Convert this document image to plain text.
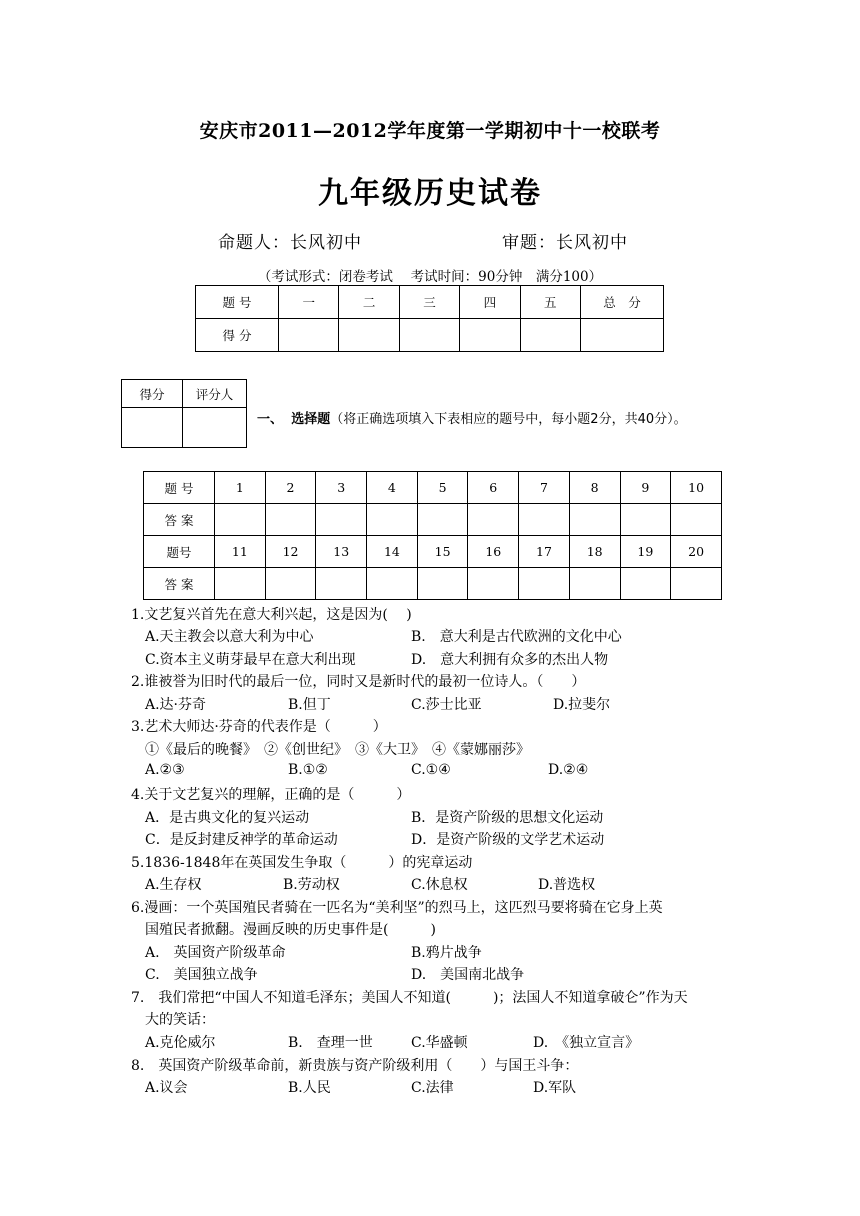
安庆市2011—2012学年度第一学期初中十一校联考
九年级历史试卷
命题人：长风初中	审题：长风初中
（考试形式：闭卷考试　 考试时间：90分钟　满分100）
题 号	一	二	三	四	五	总　分
得 分						
得分	评分人

一、 选择题（将正确选项填入下表相应的题号中，每小题2分，共40分）。
题 号	1	2	3	4	5	6	7	8	9	10
答 案										
题号	11	12	13	14	15	16	17	18	19	20
答 案										
1.文艺复兴首先在意大利兴起，这是因为(　 )
A.天主教会以意大利为中心	B.　意大利是古代欧洲的文化中心
C.资本主义萌芽最早在意大利出现	D.　意大利拥有众多的杰出人物
2.谁被誉为旧时代的最后一位，同时又是新时代的最初一位诗人。（　　）
A.达·芬奇	B.但丁	C.莎士比亚	D.拉斐尔
3.艺术大师达·芬奇的代表作是（　　　）
①《最后的晚餐》　②《创世纪》　③《大卫》　④《蒙娜丽莎》
A.②③	B.①②	C.①④	D.②④
4.关于文艺复兴的理解，正确的是（　　　）
A．是古典文化的复兴运动	B．是资产阶级的思想文化运动
C．是反封建反神学的革命运动	D．是资产阶级的文学艺术运动
5.1836-1848年在英国发生争取（　　　）的宪章运动
A.生存权	B.劳动权	C.休息权	D.普选权
6.漫画：一个英国殖民者骑在一匹名为“美利坚”的烈马上，这匹烈马要将骑在它身上英
国殖民者掀翻。漫画反映的历史事件是(　　　)
A.　英国资产阶级革命	B.鸦片战争
C.　美国独立战争	D.　美国南北战争
7.　我们常把“中国人不知道毛泽东；美国人不知道(　　　)；法国人不知道拿破仑”作为天
大的笑话：
A.克伦威尔	B.　查理一世	C.华盛顿	D.　《独立宣言》
8.　英国资产阶级革命前，新贵族与资产阶级利用（　　）与国王斗争：
A.议会	B.人民	C.法律	D.军队
